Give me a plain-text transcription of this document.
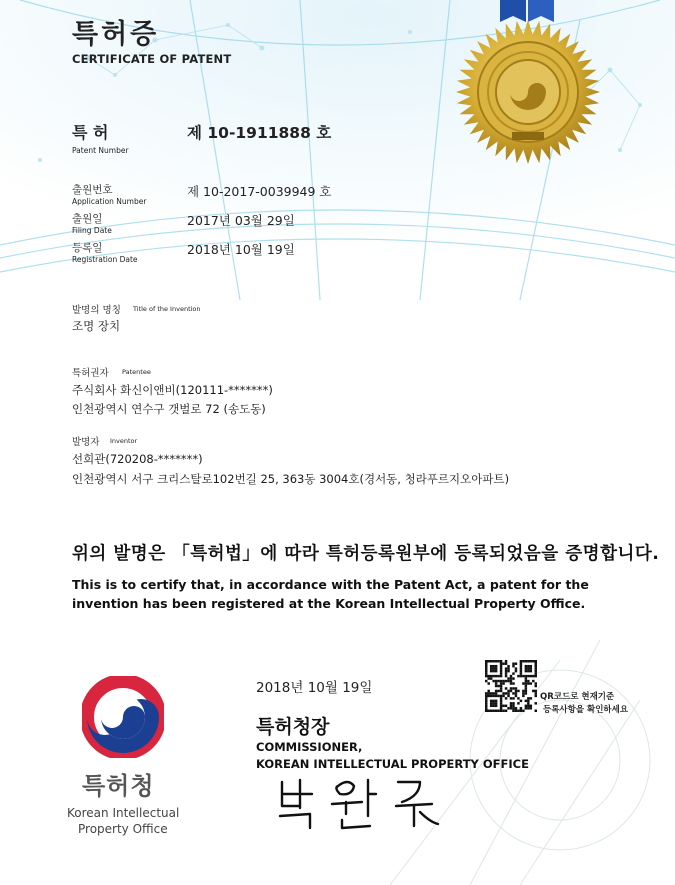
특허증
CERTIFICATE OF PATENT
특 허
Patent Number
제 10-1911888 호
출원번호
Application Number
제 10-2017-0039949 호
출원일
Filing Date
2017년 03월 29일
등록일
Registration Date
2018년 10월 19일
발명의 명칭 Title of the Invention
조명 장치
특허권자 Patentee
주식회사 화신이앤비(120111-*******)
인천광역시 연수구 갯벌로 72 (송도동)
발명자 Inventor
선희관(720208-*******)
인천광역시 서구 크리스탈로102번길 25, 363동 3004호(경서동, 청라푸르지오아파트)
위의 발명은 「특허법」에 따라 특허등록원부에 등록되었음을 증명합니다.
This is to certify that, in accordance with the Patent Act, a patent for the invention has been registered at the Korean Intellectual Property Office.
특허청
Korean Intellectual
Property Office
2018년 10월 19일
QR코드로 현재기준
등록사항을 확인하세요
특허청장
COMMISSIONER,
KOREAN INTELLECTUAL PROPERTY OFFICE
